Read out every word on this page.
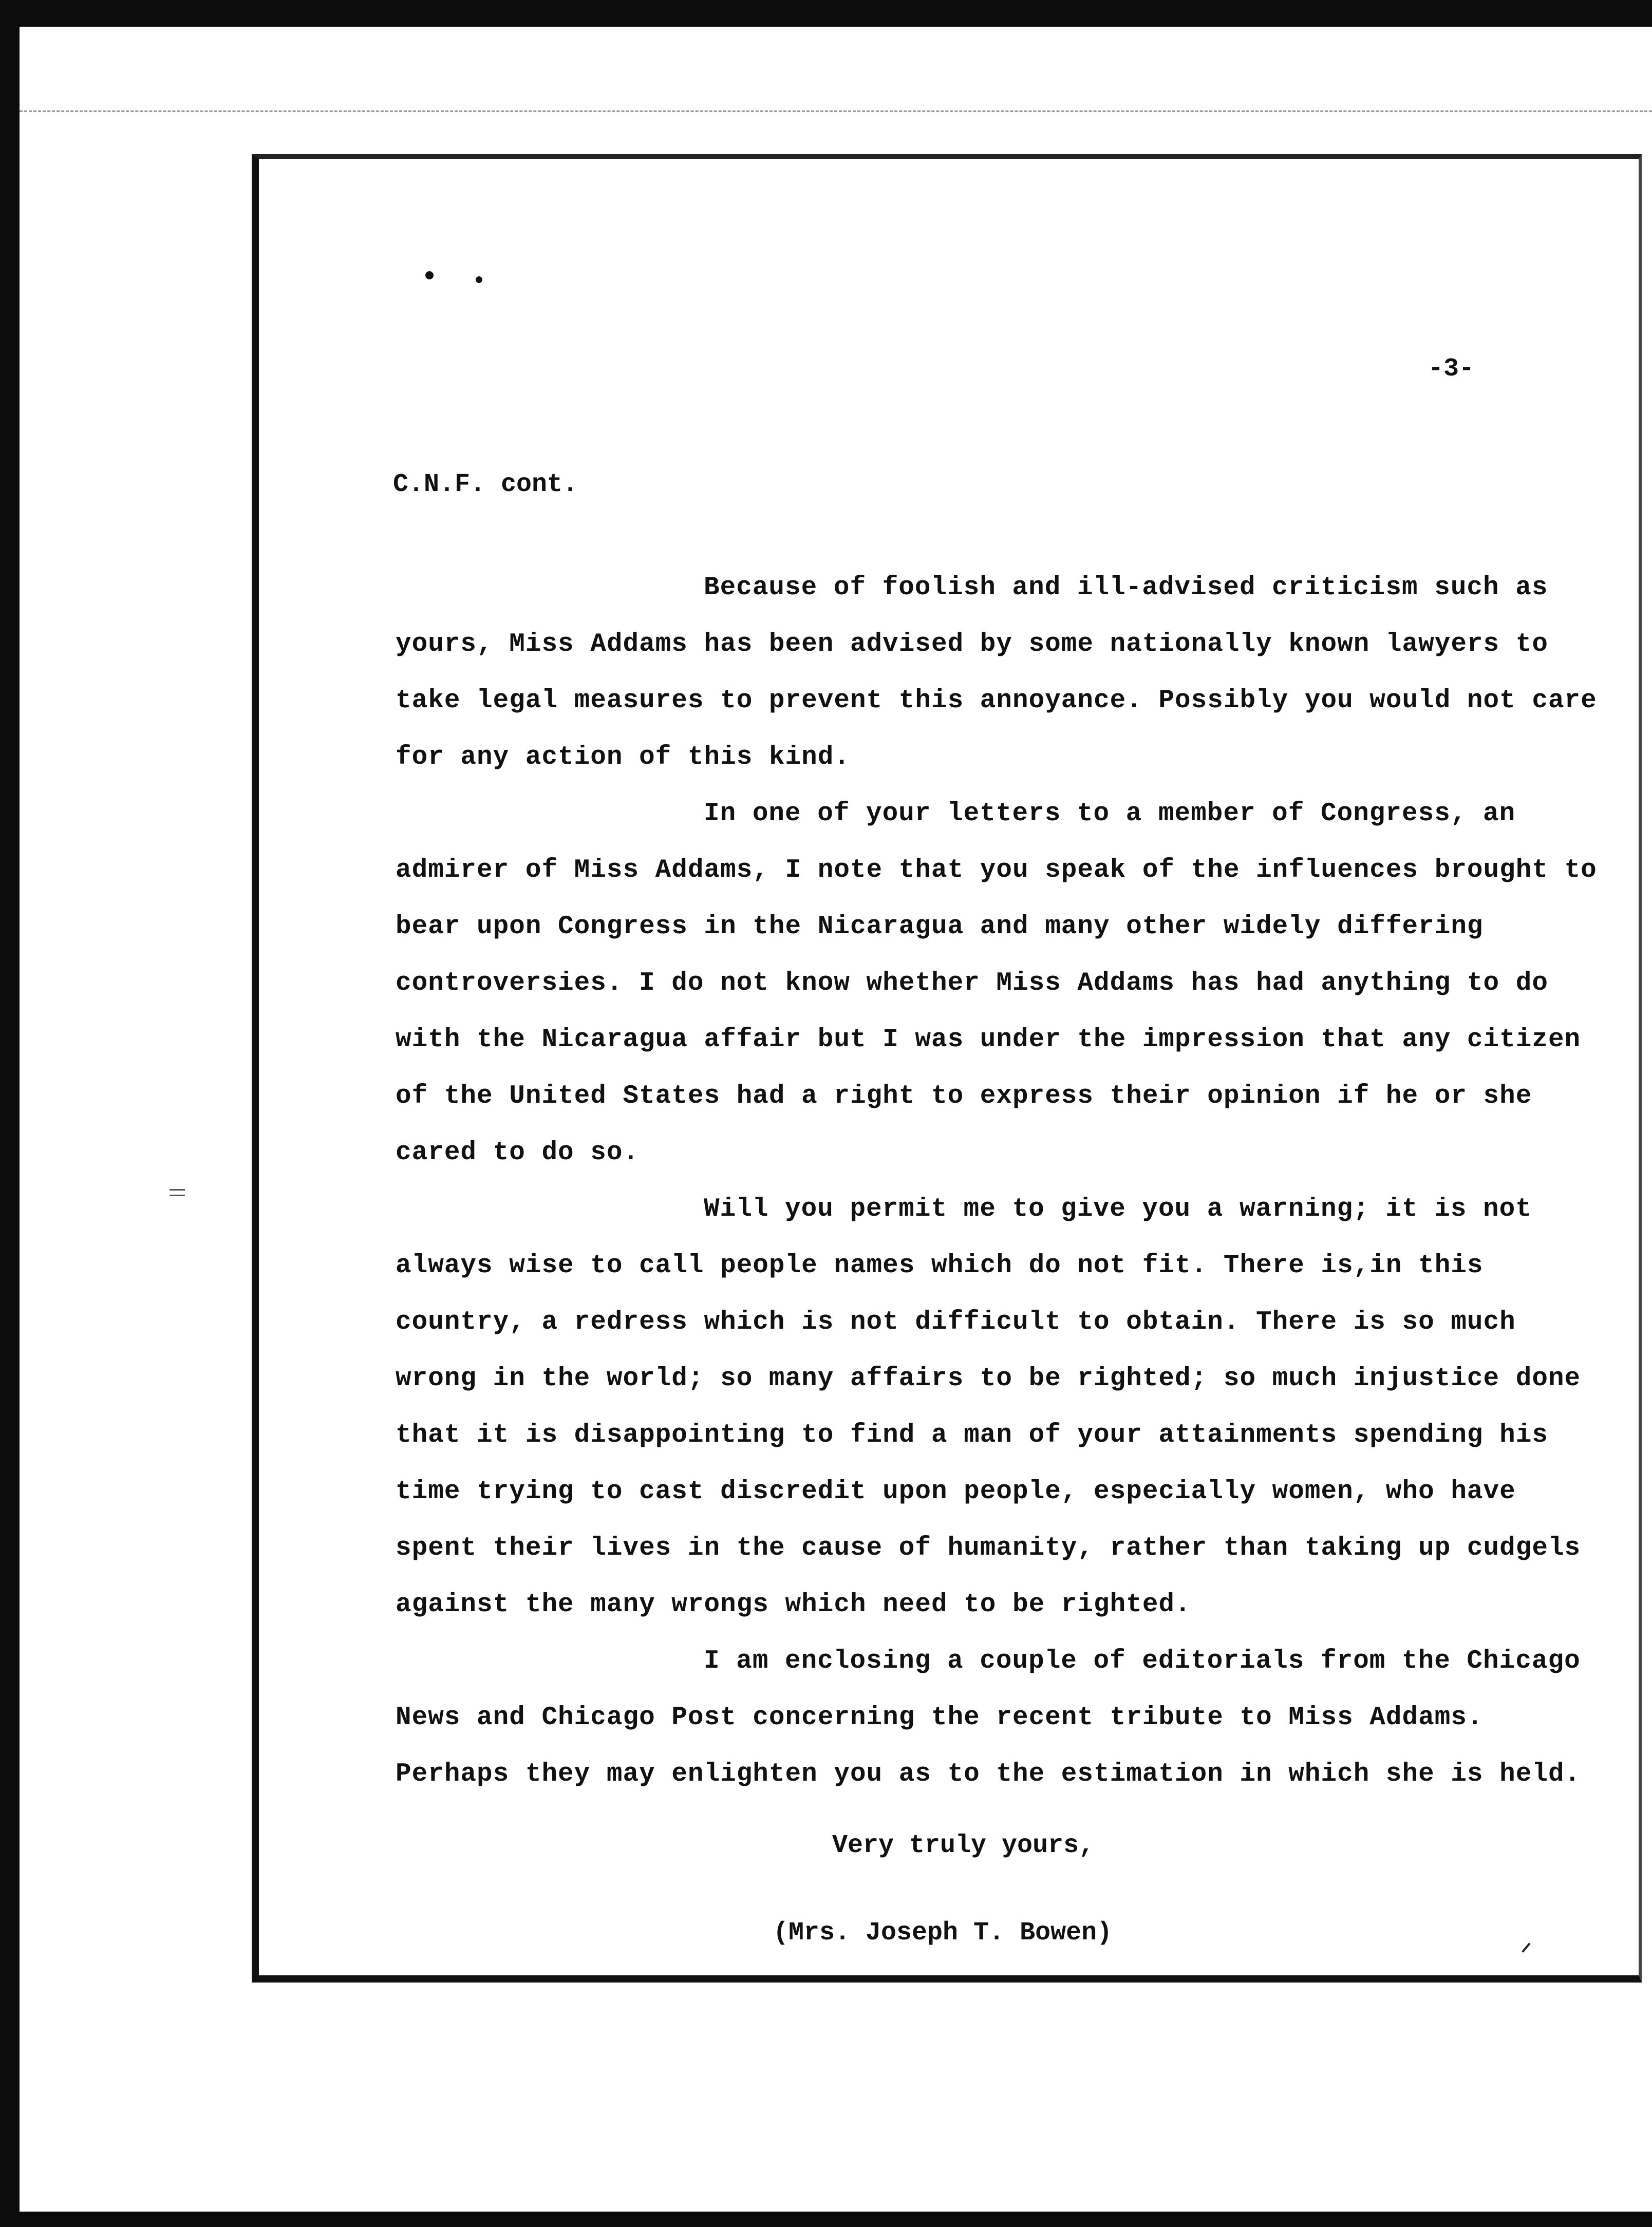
-3-
C.N.F. cont.

Because of foolish and ill-advised criticism such as yours, Miss Addams has been advised by some nationally known lawyers to take legal measures to prevent this annoyance. Possibly you would not care for any action of this kind.

In one of your letters to a member of Congress, an admirer of Miss Addams, I note that you speak of the influences brought to bear upon Congress in the Nicaragua and many other widely differing controversies. I do not know whether Miss Addams has had anything to do with the Nicaragua affair but I was under the impression that any citizen of the United States had a right to express their opinion if he or she cared to do so.

Will you permit me to give you a warning; it is not always wise to call people names which do not fit. There is,in this country, a redress which is not difficult to obtain. There is so much wrong in the world; so many affairs to be righted; so much injustice done that it is disappointing to find a man of your attainments spending his time trying to cast discredit upon people, especially women, who have spent their lives in the cause of humanity, rather than taking up cudgels against the many wrongs which need to be righted.

I am enclosing a couple of editorials from the Chicago News and Chicago Post concerning the recent tribute to Miss Addams. Perhaps they may enlighten you as to the estimation in which she is held.

Very truly yours,
(Mrs. Joseph T. Bowen)
